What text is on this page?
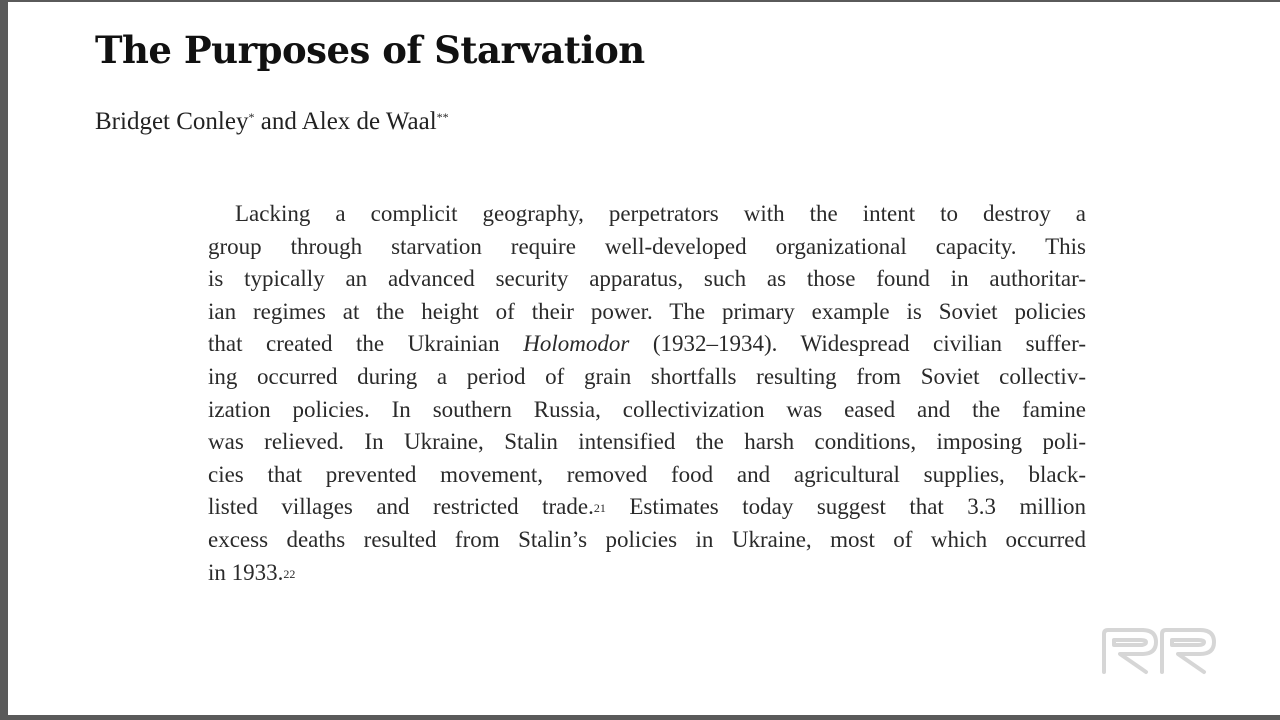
The Purposes of Starvation
Bridget Conley* and Alex de Waal**
Lacking a complicit geography, perpetrators with the intent to destroy a
group through starvation require well-developed organizational capacity. This
is typically an advanced security apparatus, such as those found in authoritar-
ian regimes at the height of their power. The primary example is Soviet policies
that created the Ukrainian Holomodor (1932–1934). Widespread civilian suffer-
ing occurred during a period of grain shortfalls resulting from Soviet collectiv-
ization policies. In southern Russia, collectivization was eased and the famine
was relieved. In Ukraine, Stalin intensified the harsh conditions, imposing poli-
cies that prevented movement, removed food and agricultural supplies, black-
listed villages and restricted trade.$^{21}$ Estimates today suggest that 3.3 million
excess deaths resulted from Stalin’s policies in Ukraine, most of which occurred
in 1933.22
